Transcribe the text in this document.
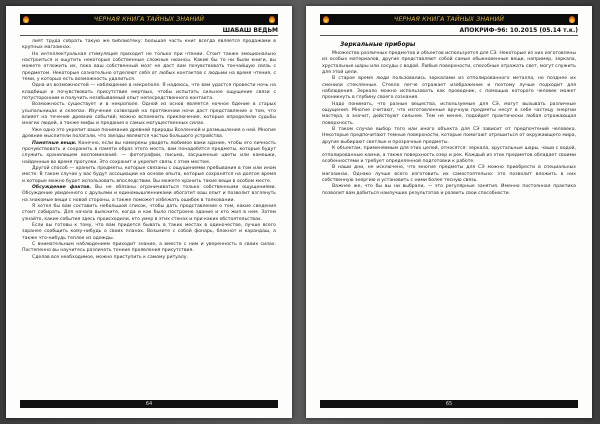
ЧЕРНАЯ КНИГА ТАЙНЫХ ЗНАНИЙ
ШАБАШ ВЕДЬМ

лият труда собрать такую же библиотеку: большая часть книг всегда является продажами в крупных магазинах.

Но интеллектуальная стимуляция приходит не только при чтении. Стоит также эмоционально настроиться и ощутить некоторые собственные сложные нюансы. Какие бы то ни были книги, вы можете отложить их, пока ваш собственный мозг не даст вам почувствовать тончайшую связь с предметом. Некоторые сознательно отделяют себя от любых контактов с людьми на время чтения, с теми, у которых есть возможность удалиться.

Одна из возможностей — наблюдение в некрополе. Я надеюсь, что вам удастся провести ночь на кладбище и почувствовать присутствие мертвых, чтобы испытать сильное ощущение связи с потусторонним и получить незабываемый опыт непосредственного контакта.

Возможность существует и в некрополе. Одной из основ является ночное бдение в старых усыпальницах и склепах. Изучение созвездий на протяжении ночи даст представление о том, что влияет на течение древних событий; можно вспомнить приключения, которые определили судьбы многих людей, а также мифы и предания о самых могущественных силах.

Уже одно это укрепит ваше понимание древней природы Вселенной и размышления о ней. Многие древние мыслители полагали, что звезды являются частью большого устройства.

Памятные вещи. Конечно, если вы намерены увидеть любимое вами здание, чтобы его личность прочувствовать и сохранить в памяти образ этого места, вам понадобятся предметы, которые будут служить хранилищем воспоминаний: — фотографии, письма, засушенные цветы или камешки, найденные во время прогулки. Это сохранит и укрепит связь с этим местом.

Другой способ — хранить предметы, которые связаны с ощущениями пребывания в том или ином месте. В таком случае у вас будут ассоциации на основе опыта, которые сохранятся на долгое время и которые можно будет использовать впоследствии. Вы можете хранить такие вещи в особом месте.

Обсуждение фактов. Вы не обязаны ограничиваться только собственными ощущениями. Обсуждение увиденного с друзьями и единомышленниками обогатит ваш опыт и позволит взглянуть на знакомые вещи с новой стороны, а также поможет избежать ошибок в толковании.

Я хотел бы вам составить небольшой список, чтобы дать представление о том, какие сведения стоит собирать. Для начала выясните, когда и как было построено здание и кто жил в нем. Затем узнайте, какие события здесь происходили, кто умер в этих стенах и при каких обстоятельствах.

Если вы готовы к тому, что вам придется бывать в таких местах в одиночестве, лучше всего заранее сообщить кому-нибудь о своих планах. Возьмите с собой фонарь, блокнот и карандаш, а также что-нибудь теплое из одежды.

С внимательным наблюдением приходит знание, а вместе с ним и уверенность в своих силах. Постепенно вы научитесь различать тонкие проявления присутствия.

Сделав все необходимое, можно приступить к самому ритуалу.

64
ЧЕРНАЯ КНИГА ТАЙНЫХ ЗНАНИЙ
АПОКРИФ-96: 10.2015 (05.14 т.к.)
Зеркальные приборы

Множество различных предметов и объектов используется для СЭ. Некоторые из них изготовлены из особых материалов, другие представляют собой самые обыкновенные вещи, например, зеркала, хрустальные шары или сосуды с водой. Любые поверхности, способные отражать свет, могут служить для этой цели.

В старое время люди пользовались зеркалами из отполированного металла, но позднее их сменили стеклянные. Стекло легче отражает изображение и поэтому лучше подходит для наблюдения. Зеркало можно использовать как проводник, с помощью которого человек может проникнуть в глубину своего сознания.

Надо понимать, что разные вещества, используемые для СЭ, могут вызывать различные ощущения. Многие считают, что изготовленные вручную предметы несут в себе частицу энергии мастера, а значит, действуют сильнее. Тем не менее, подойдет практически любая отражающая поверхность.

В таком случае выбор того или иного объекта для СЭ зависит от предпочтений человека. Некоторые предпочитают темные поверхности, которые помогают отрешиться от окружающего мира, другие выбирают светлые и прозрачные предметы.

К объектам, применяемым для этих целей, относятся: зеркала, хрустальные шары, чаши с водой, отполированные камни, а также поверхность озер и рек. Каждый из этих предметов обладает своими особенностями и требует определенной подготовки к работе.

В наши дни, не исключено, что многие предметы для СЭ можно приобрести в специальных магазинах. Однако лучше всего изготовить их самостоятельно: это позволит вложить в них собственную энергию и установить с ними более тесную связь.

Важнее же, что бы вы ни выбрали, — это регулярные занятия. Именно постоянная практика позволит вам добиться наилучших результатов и развить свои способности.

65
